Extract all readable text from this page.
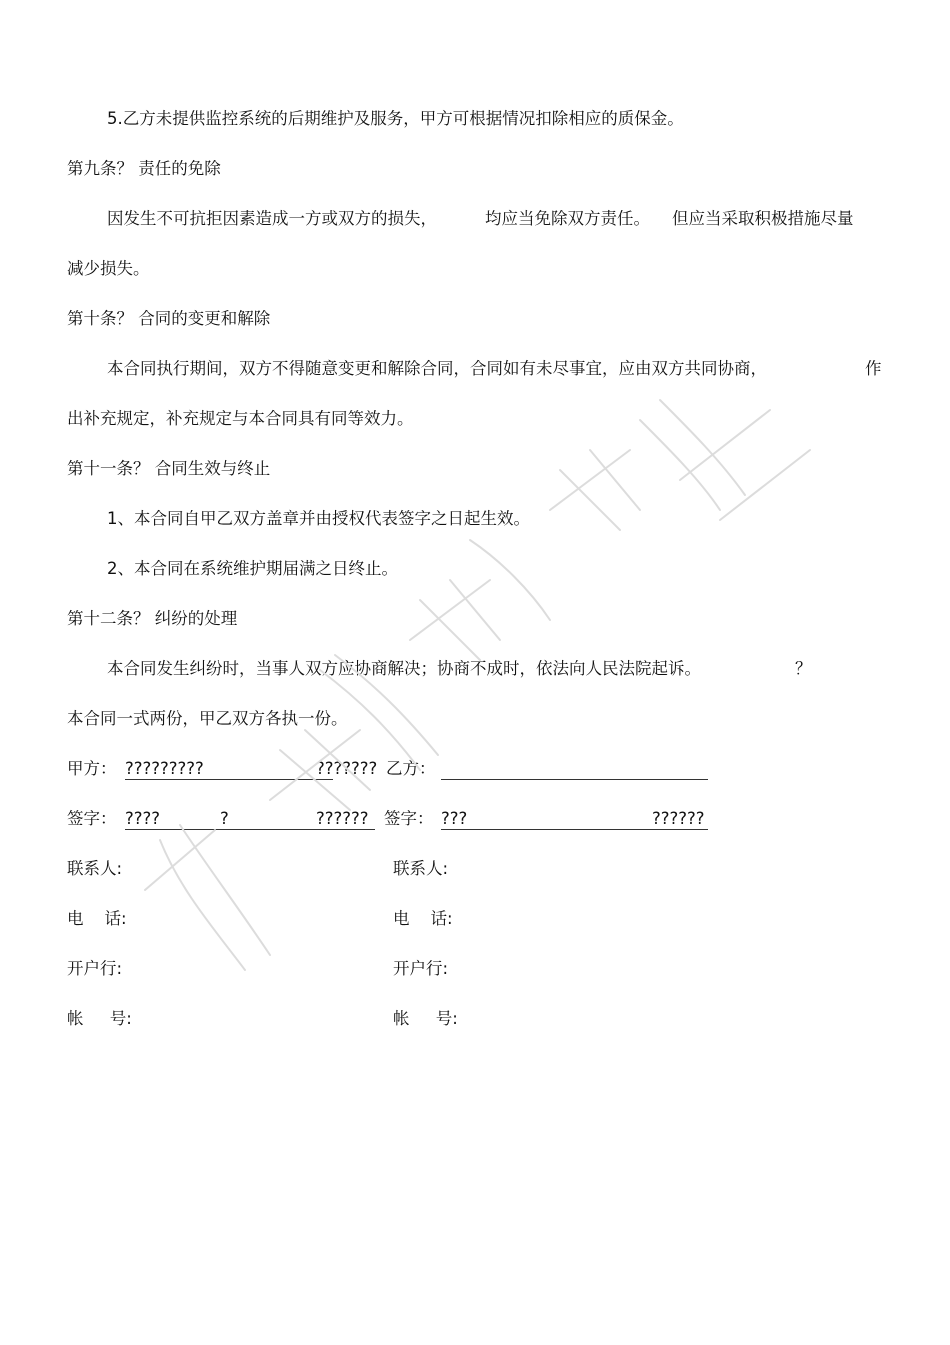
5.乙方未提供监控系统的后期维护及服务，甲方可根据情况扣除相应的质保金。
第九条？ 责任的免除
因发生不可抗拒因素造成一方或双方的损失，	均应当免除双方责任。 但应当采取积极措施尽量
减少损失。
第十条？ 合同的变更和解除
本合同执行期间，双方不得随意变更和解除合同，合同如有未尽事宜，应由双方共同协商，	作
出补充规定，补充规定与本合同具有同等效力。
第十一条？ 合同生效与终止
1、本合同自甲乙双方盖章并由授权代表签字之日起生效。
2、本合同在系统维护期届满之日终止。
第十二条？ 纠纷的处理
本合同发生纠纷时，当事人双方应协商解决；协商不成时，依法向人民法院起诉。	？
本合同一式两份，甲乙双方各执一份。
甲方： ?????????	??????? 乙方：
签字： ????	?	?????? 签字： ???	??????
联系人:	联系人:
电    话:	电    话:
开户行:	开户行:
帐     号:	帐     号:
